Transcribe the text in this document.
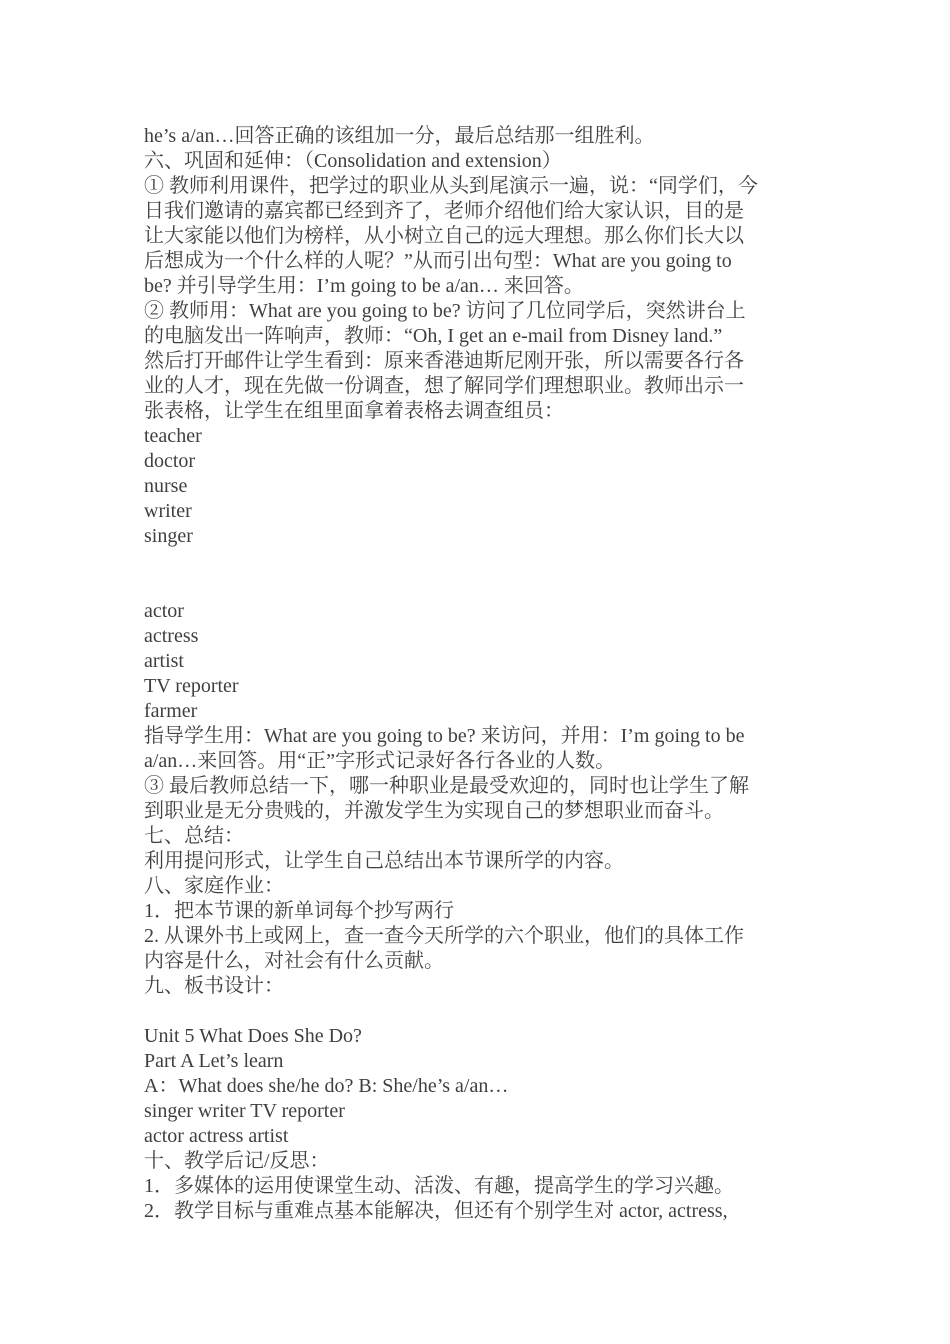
he’s a/an…回答正确的该组加一分，最后总结那一组胜利。
六、巩固和延伸：（Consolidation and extension）
① 教师利用课件，把学过的职业从头到尾演示一遍，说：“同学们，今
日我们邀请的嘉宾都已经到齐了，老师介绍他们给大家认识，目的是
让大家能以他们为榜样，从小树立自己的远大理想。那么你们长大以
后想成为一个什么样的人呢？”从而引出句型：What are you going to
be? 并引导学生用：I’m going to be a/an… 来回答。
② 教师用：What are you going to be? 访问了几位同学后，突然讲台上
的电脑发出一阵响声，教师：“Oh, I get an e-mail from Disney land.”
然后打开邮件让学生看到：原来香港迪斯尼刚开张，所以需要各行各
业的人才，现在先做一份调查，想了解同学们理想职业。教师出示一
张表格，让学生在组里面拿着表格去调查组员：
teacher
doctor
nurse
writer
singer
actor
actress
artist
TV reporter
farmer
指导学生用：What are you going to be? 来访问，并用：I’m going to be
a/an…来回答。用“正”字形式记录好各行各业的人数。
③ 最后教师总结一下，哪一种职业是最受欢迎的，同时也让学生了解
到职业是无分贵贱的，并激发学生为实现自己的梦想职业而奋斗。
七、总结：
利用提问形式，让学生自己总结出本节课所学的内容。
八、家庭作业：
1．把本节课的新单词每个抄写两行
2. 从课外书上或网上，查一查今天所学的六个职业，他们的具体工作
内容是什么，对社会有什么贡献。
九、板书设计：
Unit 5 What Does She Do?
Part A Let’s learn
A：What does she/he do? B: She/he’s a/an…
singer writer TV reporter
actor actress artist
十、教学后记/反思：
1．多媒体的运用使课堂生动、活泼、有趣，提高学生的学习兴趣。
2．教学目标与重难点基本能解决，但还有个别学生对 actor, actress,
